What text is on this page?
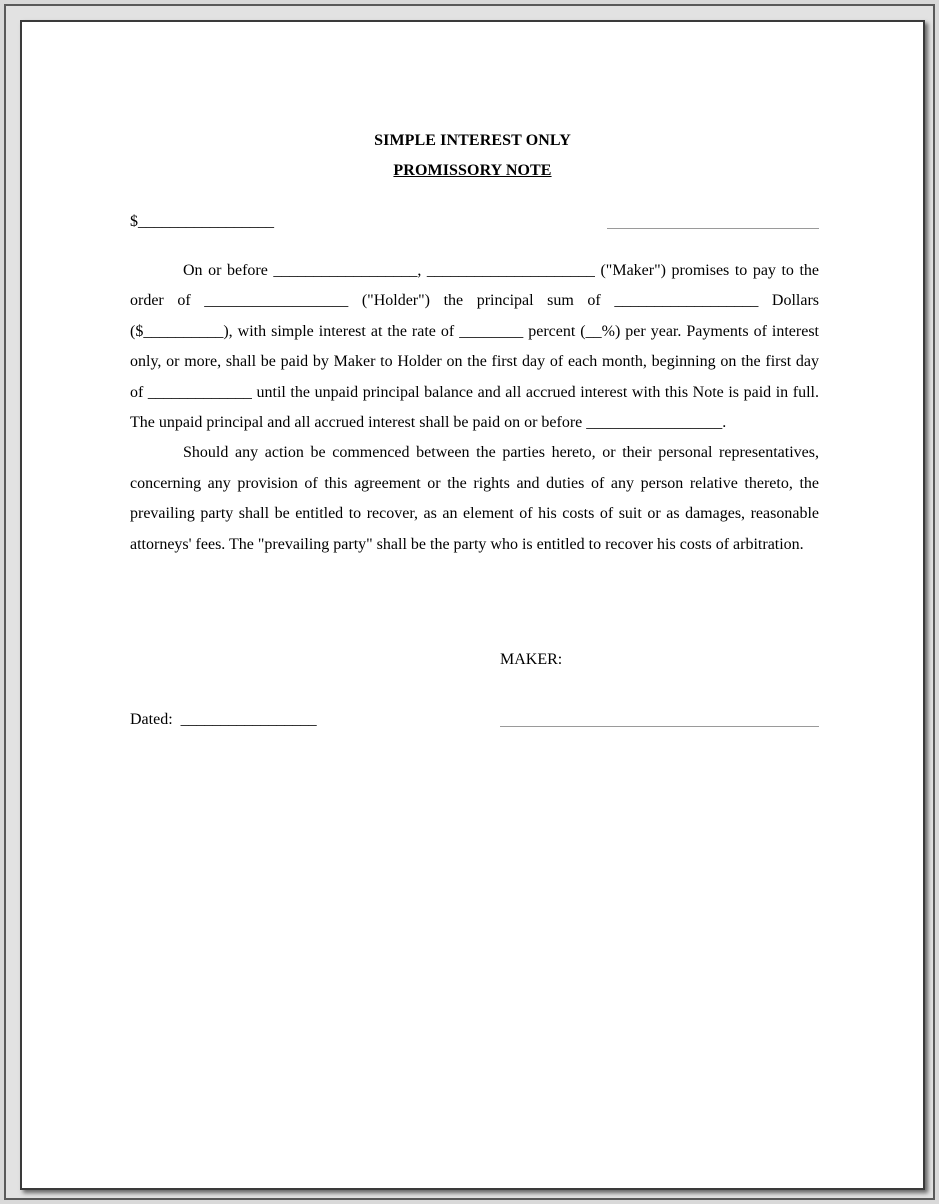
SIMPLE INTEREST ONLY
PROMISSORY NOTE
$_________________

On or before __________________, _____________________ ("Maker") promises to pay to the order of __________________ ("Holder") the principal sum of __________________ Dollars ($__________), with simple interest at the rate of ________ percent (__%) per year. Payments of interest only, or more, shall be paid by Maker to Holder on the first day of each month, beginning on the first day of _____________ until the unpaid principal balance and all accrued interest with this Note is paid in full. The unpaid principal and all accrued interest shall be paid on or before _________________.

Should any action be commenced between the parties hereto, or their personal representatives, concerning any provision of this agreement or the rights and duties of any person relative thereto, the prevailing party shall be entitled to recover, as an element of his costs of suit or as damages, reasonable attorneys' fees. The "prevailing party" shall be the party who is entitled to recover his costs of arbitration.

MAKER:
Dated:  _________________
